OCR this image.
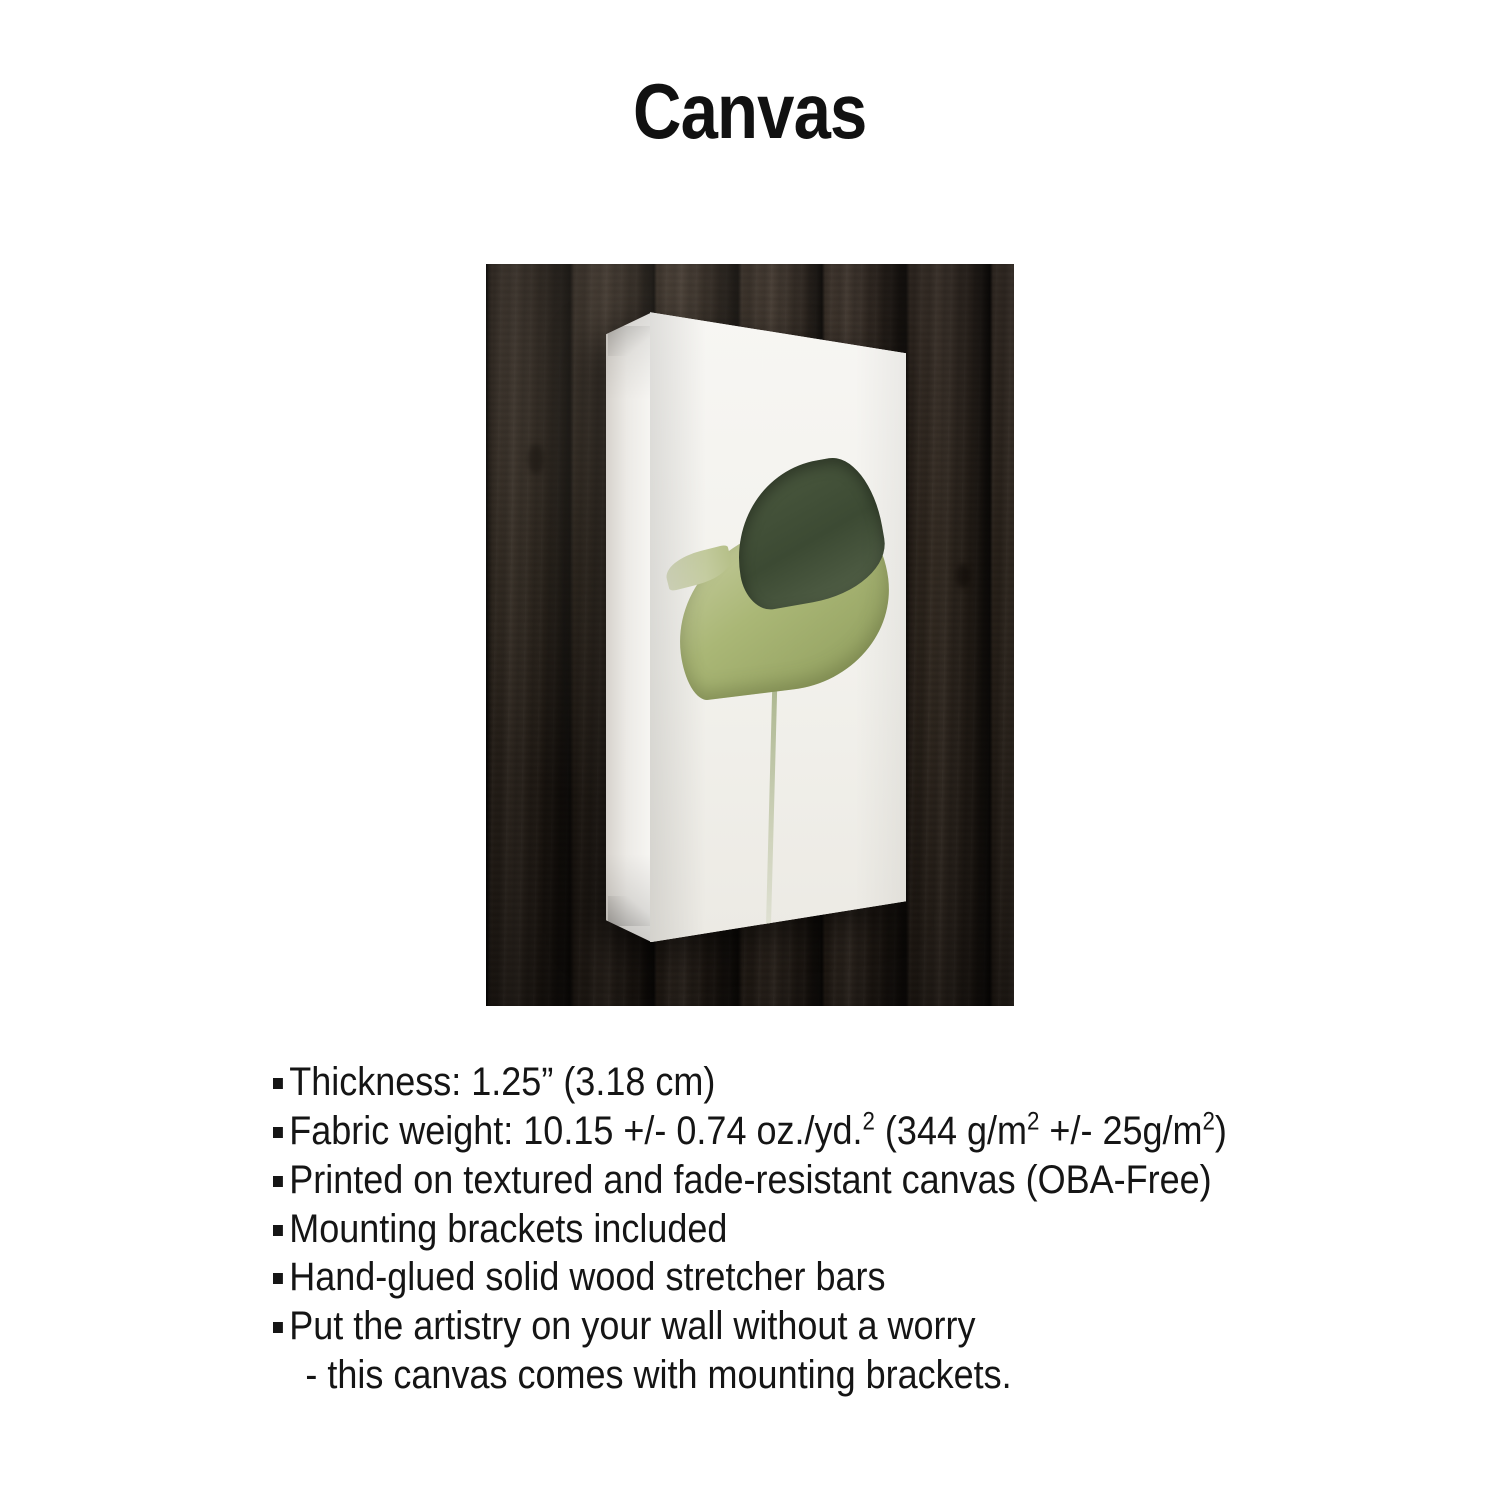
Canvas
Thickness: 1.25” (3.18 cm)
Fabric weight: 10.15 +/- 0.74 oz./yd.$^2$ (344 $g/m^2$ +/- $25g/m^2$)
Printed on textured and fade-resistant canvas (OBA-Free)
Mounting brackets included
Hand-glued solid wood stretcher bars
Put the artistry on your wall without a worry
- this canvas comes with mounting brackets.
